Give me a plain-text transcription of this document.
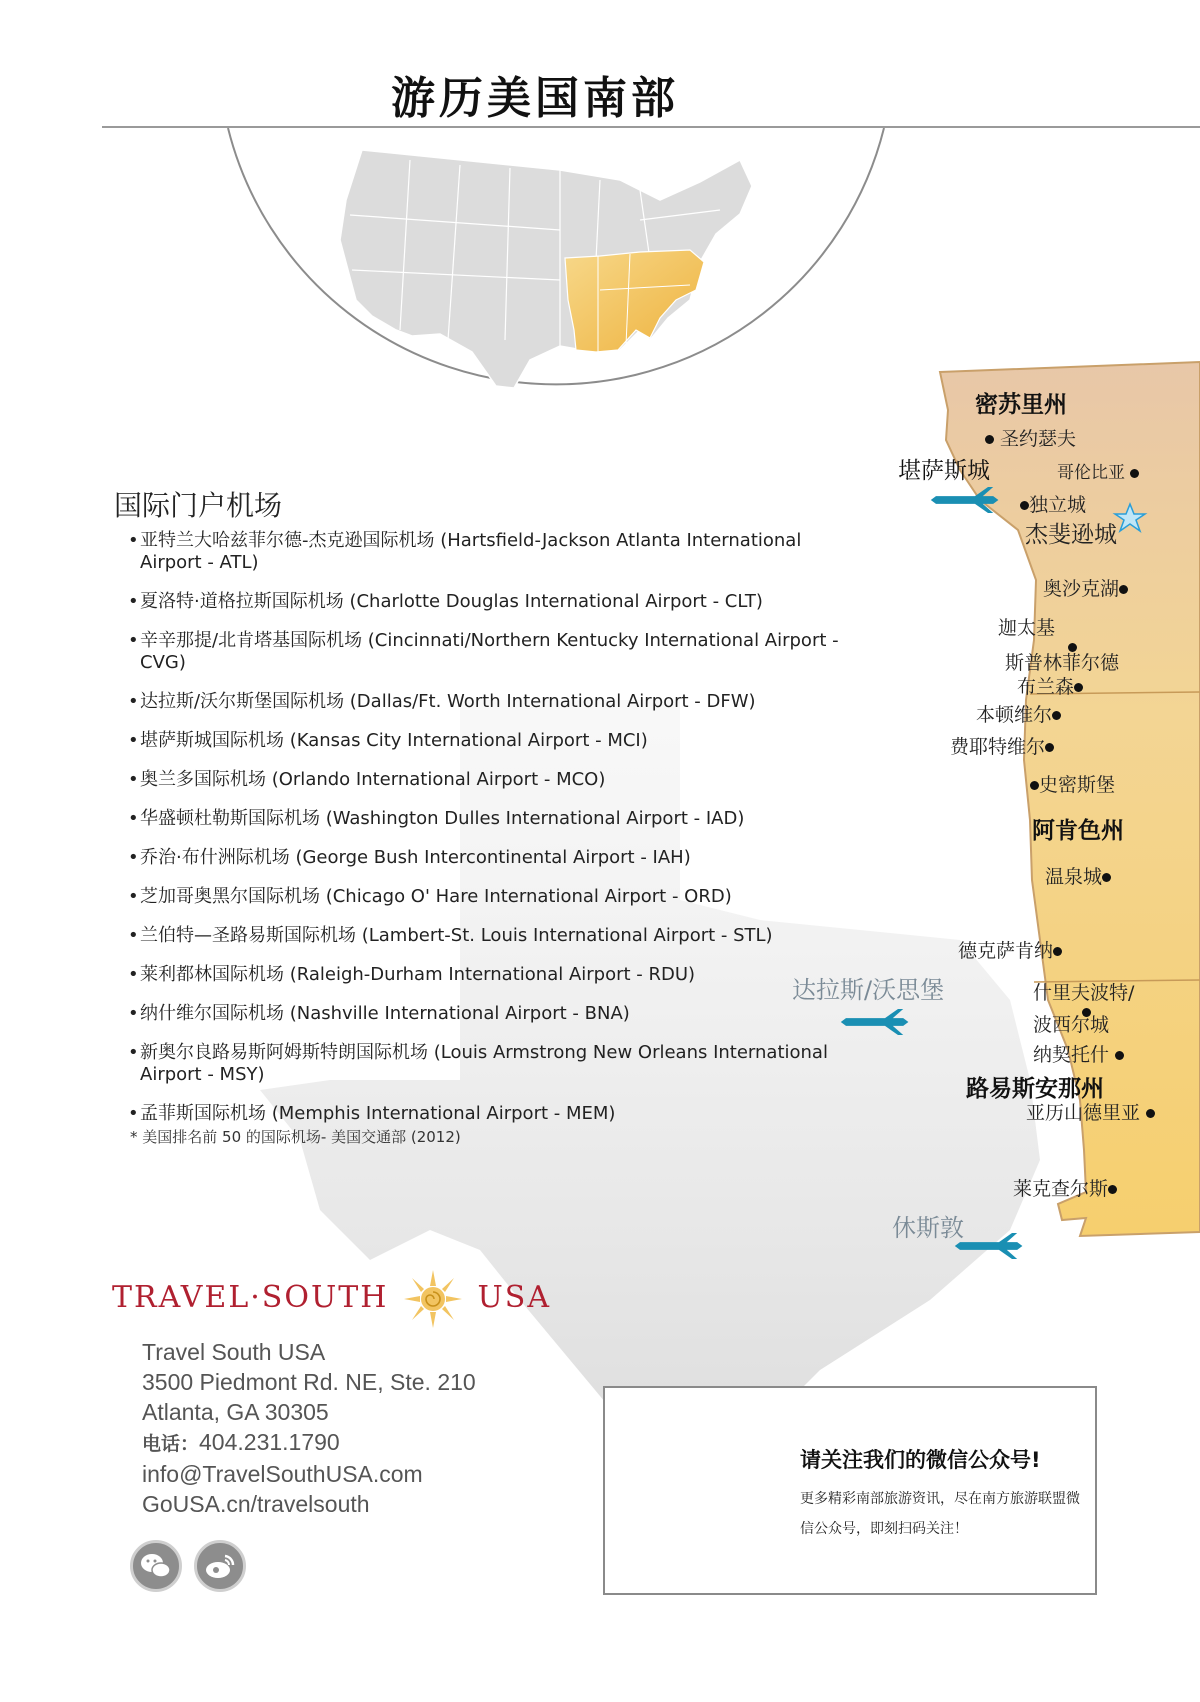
游历美国南部
国际门户机场
• 亚特兰大哈兹菲尔德-杰克逊国际机场 (Hartsfield-Jackson Atlanta International Airport - ATL)
• 夏洛特·道格拉斯国际机场 (Charlotte Douglas International Airport - CLT)
• 辛辛那提/北肯塔基国际机场 (Cincinnati/Northern Kentucky International Airport - CVG)
• 达拉斯/沃尔斯堡国际机场 (Dallas/Ft. Worth International Airport - DFW)
• 堪萨斯城国际机场 (Kansas City International Airport - MCI)
• 奥兰多国际机场 (Orlando International Airport - MCO)
• 华盛顿杜勒斯国际机场 (Washington Dulles International Airport - IAD)
• 乔治·布什洲际机场 (George Bush Intercontinental Airport - IAH)
• 芝加哥奥黑尔国际机场 (Chicago O' Hare International Airport - ORD)
• 兰伯特—圣路易斯国际机场 (Lambert-St. Louis International Airport - STL)
• 莱利都林国际机场 (Raleigh-Durham International Airport - RDU)
• 纳什维尔国际机场 (Nashville International Airport - BNA)
• 新奥尔良路易斯阿姆斯特朗国际机场 (Louis Armstrong New Orleans International Airport - MSY)
• 孟菲斯国际机场 (Memphis International Airport - MEM)
* 美国排名前 50 的国际机场- 美国交通部 (2012)
密苏里州
圣约瑟夫
堪萨斯城	哥伦比亚
独立城
杰斐逊城
奥沙克湖
迦太基
斯普林菲尔德
布兰森
本顿维尔
费耶特维尔
史密斯堡
阿肯色州
温泉城
德克萨肯纳
达拉斯/沃思堡	什里夫波特/
波西尔城
纳契托什
路易斯安那州
亚历山德里亚
莱克查尔斯
休斯敦
TRAVEL·SOUTH	USA
Travel South USA
3500 Piedmont Rd. NE, Ste. 210
Atlanta, GA 30305
电话：404.231.1790
info@TravelSouthUSA.com
GoUSA.cn/travelsouth
请关注我们的微信公众号!
更多精彩南部旅游资讯，尽在南方旅游联盟微信公众号，即刻扫码关注！
